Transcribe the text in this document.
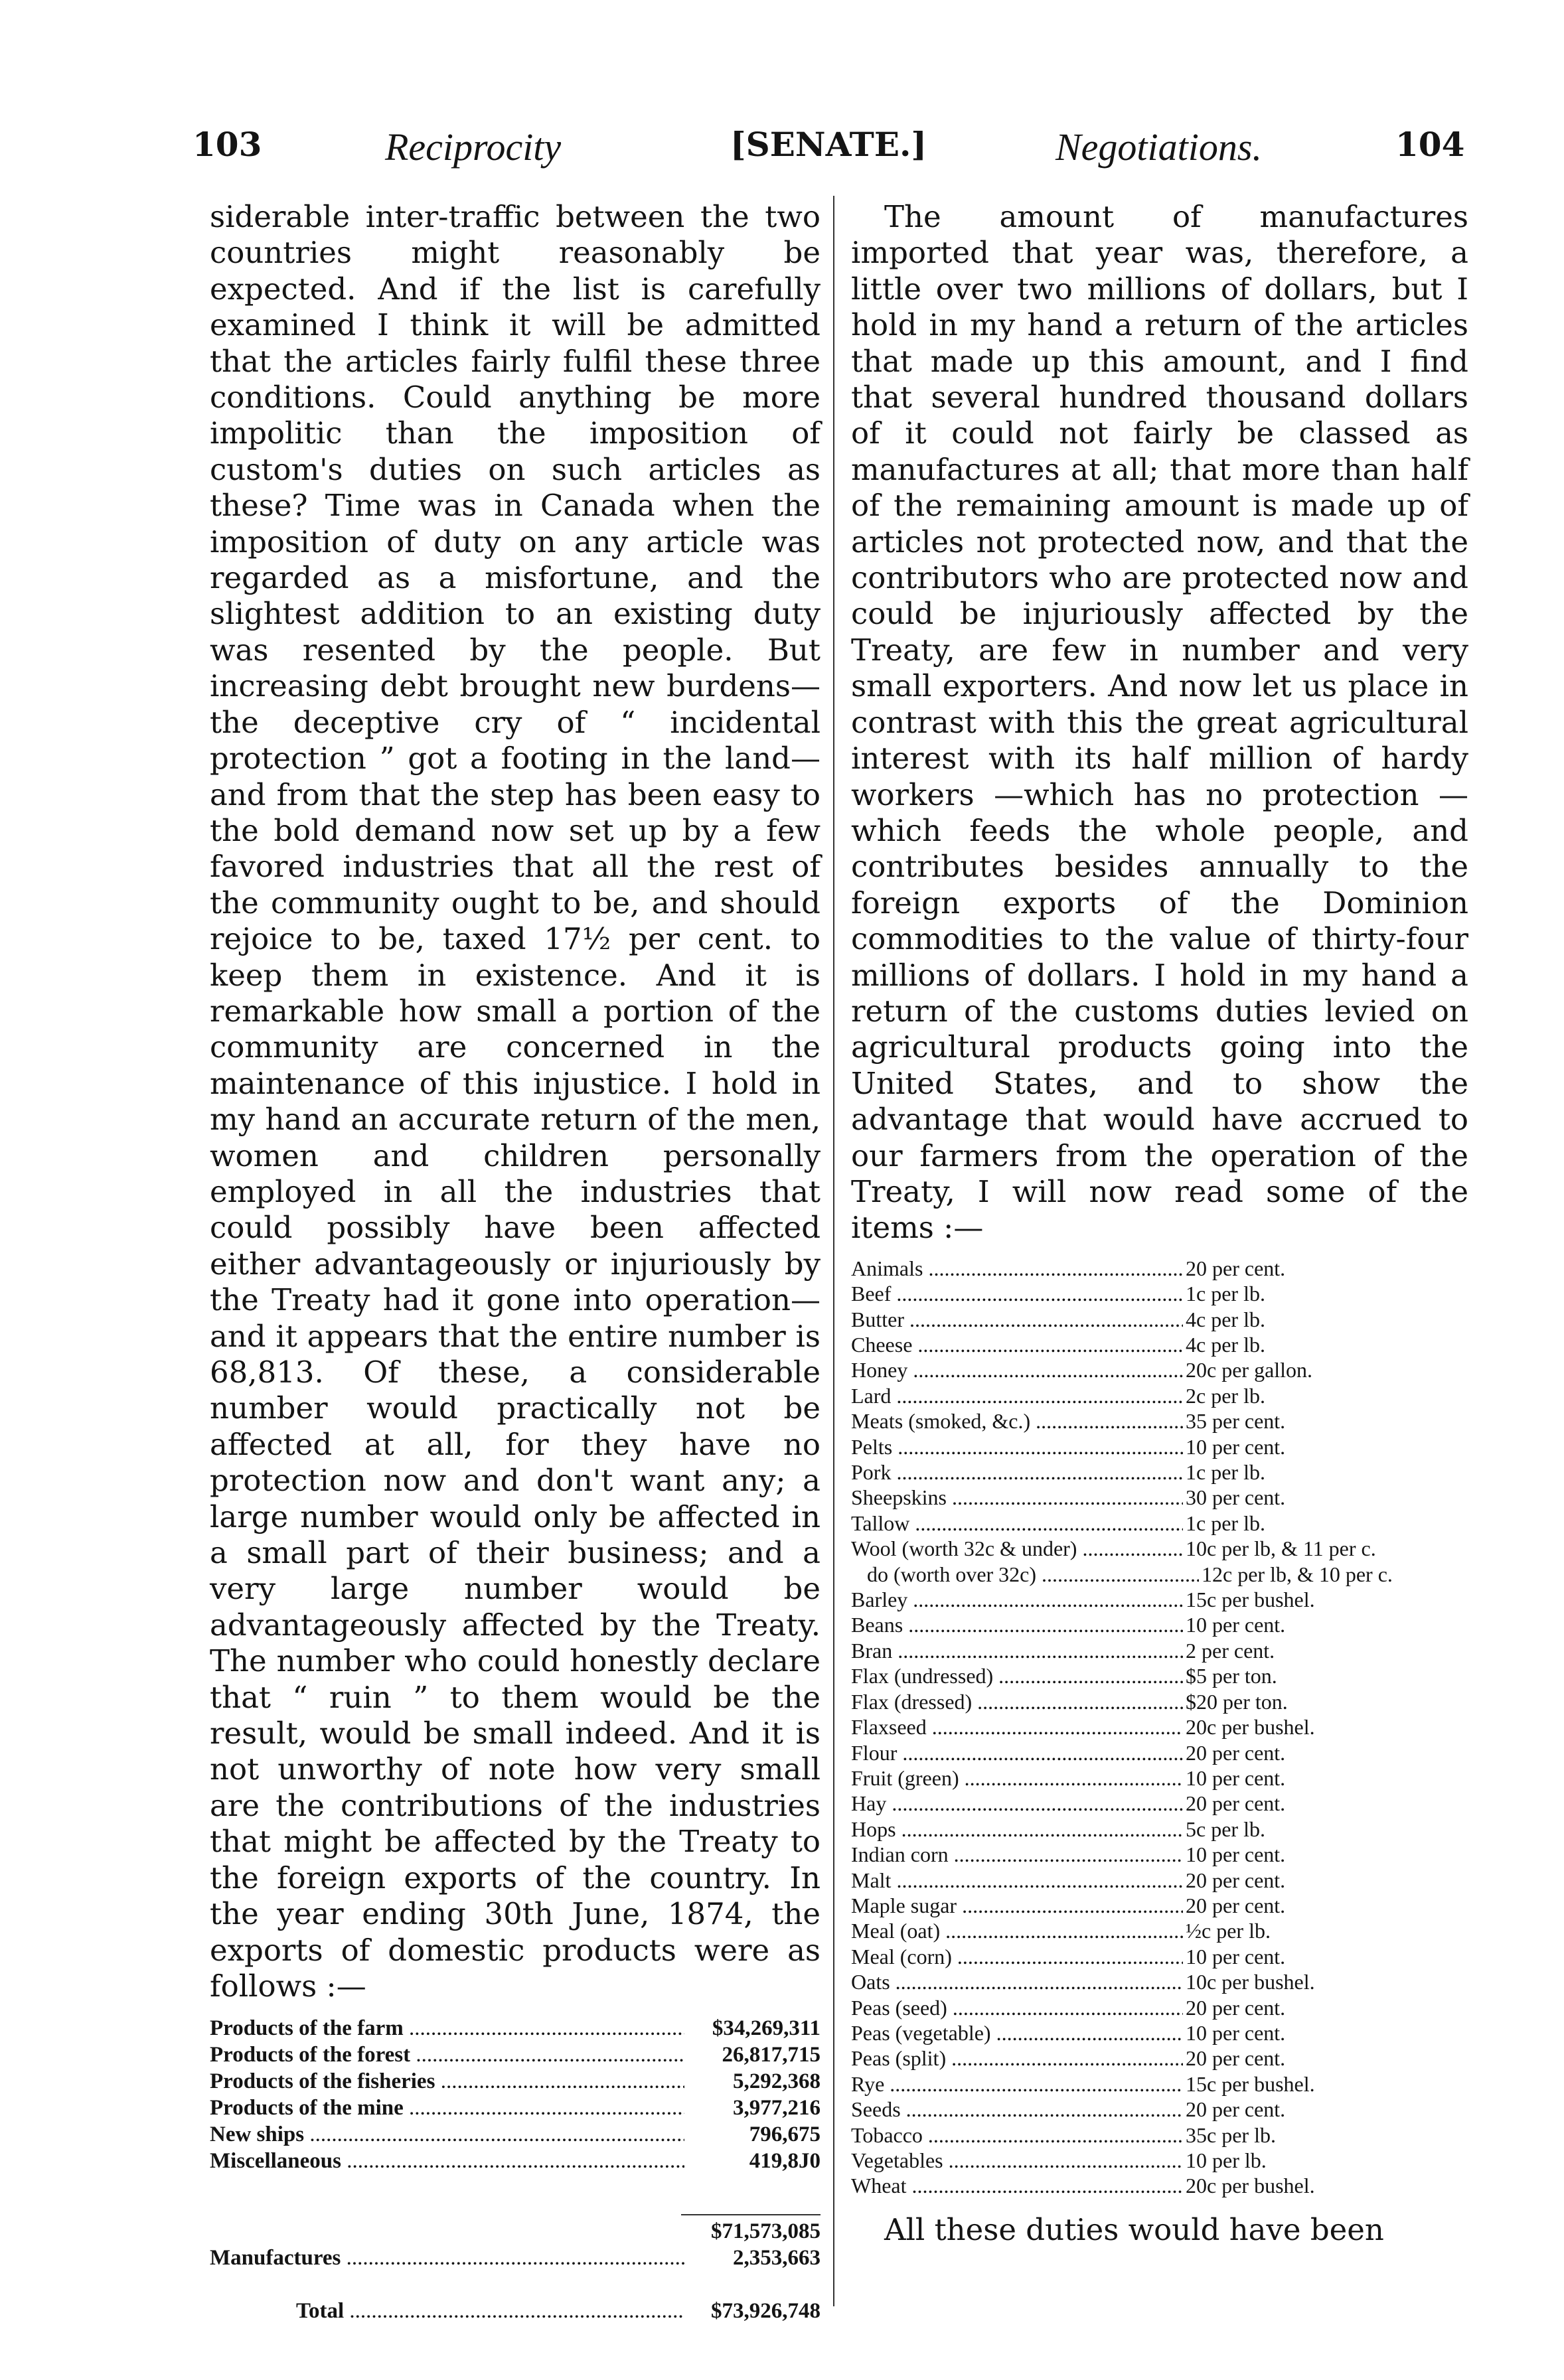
103	Reciprocity	[SENATE.]	Negotiations.	104

siderable inter-traffic between the two countries might reasonably be expected. And if the list is carefully examined I think it will be admitted that the articles fairly fulfil these three conditions. Could anything be more impolitic than the imposition of custom's duties on such articles as these? Time was in Canada when the imposition of duty on any article was regarded as a misfortune, and the slightest addition to an existing duty was resented by the people. But increasing debt brought new burdens— the deceptive cry of “ incidental protection ” got a footing in the land— and from that the step has been easy to the bold demand now set up by a few favored industries that all the rest of the community ought to be, and should rejoice to be, taxed 17½ per cent. to keep them in existence. And it is remarkable how small a portion of the community are concerned in the maintenance of this injustice. I hold in my hand an accurate return of the men, women and children personally employed in all the industries that could possibly have been affected either advantageously or injuriously by the Treaty had it gone into operation—and it appears that the entire number is 68,813. Of these, a considerable number would practically not be affected at all, for they have no protection now and don't want any; a large number would only be affected in a small part of their business; and a very large number would be advantageously affected by the Treaty. The number who could honestly declare that “ ruin ” to them would be the result, would be small indeed. And it is not unworthy of note how very small are the contributions of the industries that might be affected by the Treaty to the foreign exports of the country. In the year ending 30th June, 1874, the exports of domestic products were as follows :—

Products of the farm .....	$34,269,311
Products of the forest .....	26,817,715
Products of the fisheries .....	5,292,368
Products of the mine .....	3,977,216
New ships .....	796,675
Miscellaneous .....	419,8J0
$71,573,085
Manufactures .....	2,353,663
Total .....	$73,926,748

The amount of manufactures imported that year was, therefore, a little over two millions of dollars, but I hold in my hand a return of the articles that made up this amount, and I find that several hundred thousand dollars of it could not fairly be classed as manufactures at all; that more than half of the remaining amount is made up of articles not protected now, and that the contributors who are protected now and could be injuriously affected by the Treaty, are few in number and very small exporters. And now let us place in contrast with this the great agricultural interest with its half million of hardy workers —which has no protection — which feeds the whole people, and contributes besides annually to the foreign exports of the Dominion commodities to the value of thirty-four millions of dollars. I hold in my hand a return of the customs duties levied on agricultural products going into the United States, and to show the advantage that would have accrued to our farmers from the operation of the Treaty, I will now read some of the items :—

Animals .....	20 per cent.
Beef .....	1c per lb.
Butter .....	4c per lb.
Cheese .....	4c per lb.
Honey .....	20c per gallon.
Lard .....	2c per lb.
Meats (smoked, &c.) .....	35 per cent.
Pelts .....	10 per cent.
Pork .....	1c per lb.
Sheepskins .....	30 per cent.
Tallow .....	1c per lb.
Wool (worth 32c & under) .....	10c per lb, & 11 per c.
do (worth over 32c) .....	12c per lb, & 10 per c.
Barley .....	15c per bushel.
Beans .....	10 per cent.
Bran .....	2 per cent.
Flax (undressed) .....	$5 per ton.
Flax (dressed) .....	$20 per ton.
Flaxseed .....	20c per bushel.
Flour .....	20 per cent.
Fruit (green) .....	10 per cent.
Hay .....	20 per cent.
Hops .....	5c per lb.
Indian corn .....	10 per cent.
Malt .....	20 per cent.
Maple sugar .....	20 per cent.
Meal (oat) .....	½c per lb.
Meal (corn) .....	10 per cent.
Oats .....	10c per bushel.
Peas (seed) .....	20 per cent.
Peas (vegetable) .....	10 per cent.
Peas (split) .....	20 per cent.
Rye .....	15c per bushel.
Seeds .....	20 per cent.
Tobacco .....	35c per lb.
Vegetables .....	10 per lb.
Wheat .....	20c per bushel.

All these duties would have been
